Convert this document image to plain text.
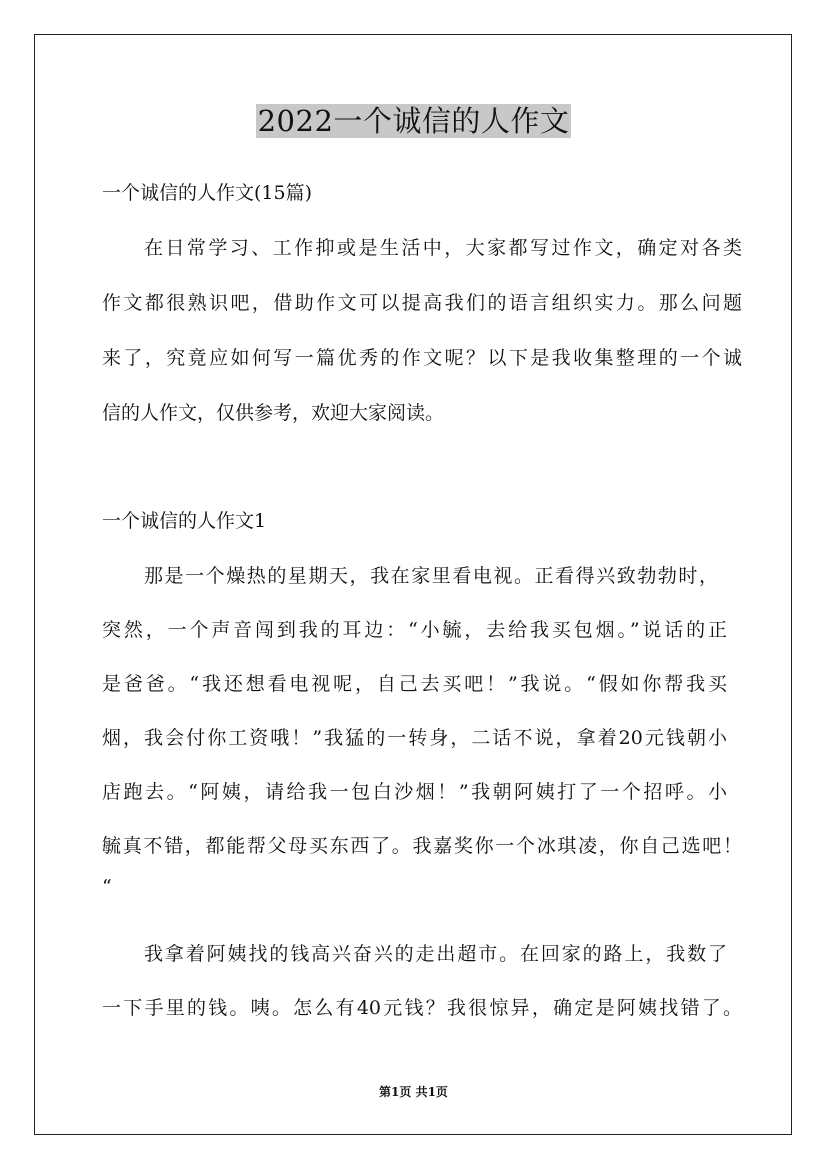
2022一个诚信的人作文
一个诚信的人作文(15篇)
在日常学习、工作抑或是生活中，大家都写过作文，确定对各类
作文都很熟识吧，借助作文可以提高我们的语言组织实力。那么问题
来了，究竟应如何写一篇优秀的作文呢？以下是我收集整理的一个诚
信的人作文，仅供参考，欢迎大家阅读。
一个诚信的人作文1
那是一个燥热的星期天，我在家里看电视。正看得兴致勃勃时，
突然，一个声音闯到我的耳边：“小毓，去给我买包烟。”说话的正
是爸爸。“我还想看电视呢，自己去买吧！”我说。“假如你帮我买
烟，我会付你工资哦！”我猛的一转身，二话不说，拿着20元钱朝小
店跑去。“阿姨，请给我一包白沙烟！”我朝阿姨打了一个招呼。小
毓真不错，都能帮父母买东西了。我嘉奖你一个冰琪凌，你自己选吧！
“
我拿着阿姨找的钱高兴奋兴的走出超市。在回家的路上，我数了
一下手里的钱。咦。怎么有40元钱？我很惊异，确定是阿姨找错了。
第1页 共1页
